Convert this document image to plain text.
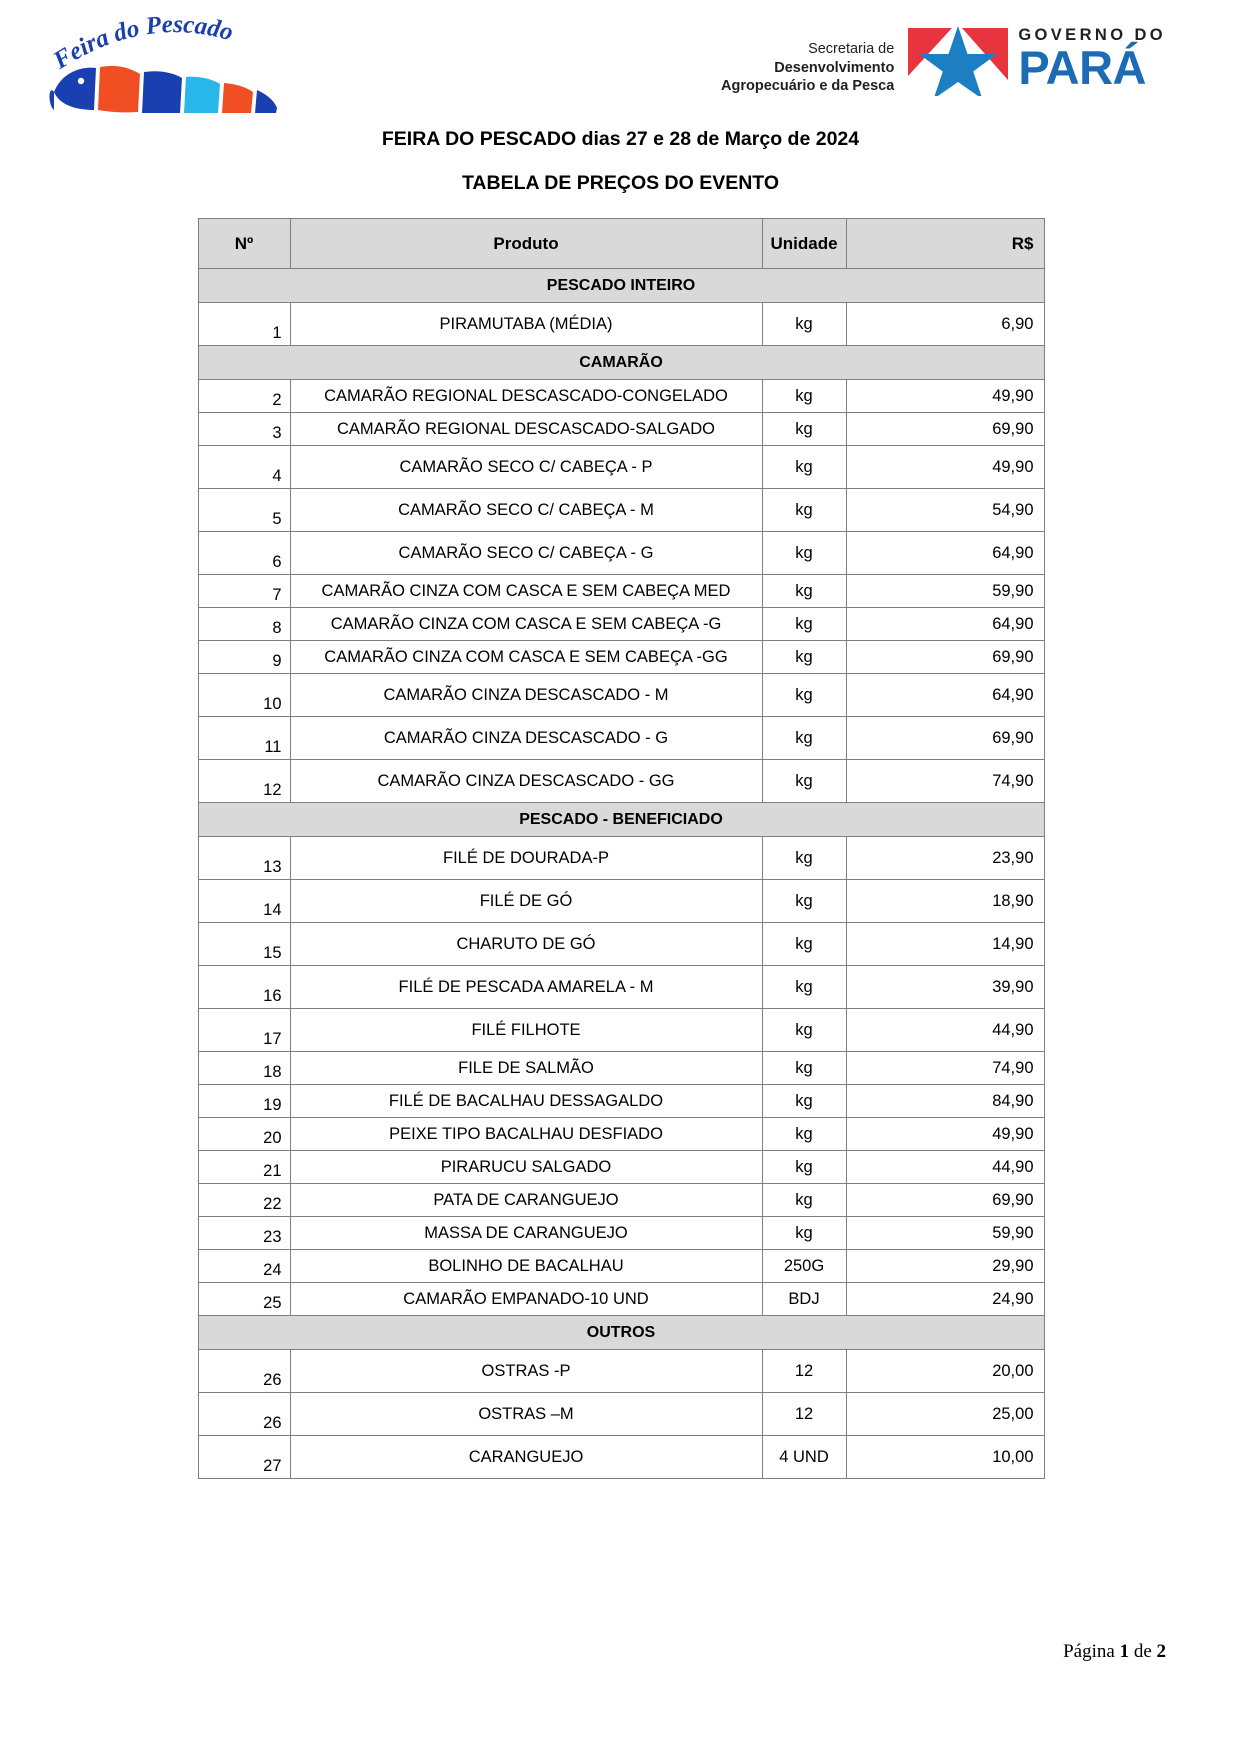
Feira do Pescado
Secretaria de
Desenvolvimento
Agropecuário e da Pesca
GOVERNO DO
PARÁ
FEIRA DO PESCADO dias 27 e 28 de Março de 2024
TABELA DE PREÇOS DO EVENTO
Nº	Produto	Unidade	R$
PESCADO INTEIRO			
1	PIRAMUTABA (MÉDIA)	kg	6,90
CAMARÃO			
2	CAMARÃO REGIONAL DESCASCADO-CONGELADO	kg	49,90
3	CAMARÃO REGIONAL DESCASCADO-SALGADO	kg	69,90
4	CAMARÃO SECO C/ CABEÇA - P	kg	49,90
5	CAMARÃO SECO C/ CABEÇA - M	kg	54,90
6	CAMARÃO SECO C/ CABEÇA - G	kg	64,90
7	CAMARÃO CINZA COM CASCA E SEM CABEÇA MED	kg	59,90
8	CAMARÃO CINZA COM CASCA E SEM CABEÇA -G	kg	64,90
9	CAMARÃO CINZA COM CASCA E SEM CABEÇA -GG	kg	69,90
10	CAMARÃO CINZA DESCASCADO - M	kg	64,90
11	CAMARÃO CINZA DESCASCADO - G	kg	69,90
12	CAMARÃO CINZA DESCASCADO - GG	kg	74,90
PESCADO - BENEFICIADO			
13	FILÉ DE DOURADA-P	kg	23,90
14	FILÉ DE GÓ	kg	18,90
15	CHARUTO DE GÓ	kg	14,90
16	FILÉ DE PESCADA AMARELA - M	kg	39,90
17	FILÉ FILHOTE	kg	44,90
18	FILE DE SALMÃO	kg	74,90
19	FILÉ DE BACALHAU DESSAGALDO	kg	84,90
20	PEIXE TIPO BACALHAU DESFIADO	kg	49,90
21	PIRARUCU SALGADO	kg	44,90
22	PATA DE CARANGUEJO	kg	69,90
23	MASSA DE CARANGUEJO	kg	59,90
24	BOLINHO DE BACALHAU	250G	29,90
25	CAMARÃO EMPANADO-10 UND	BDJ	24,90
OUTROS			
26	OSTRAS -P	12	20,00
26	OSTRAS –M	12	25,00
27	CARANGUEJO	4 UND	10,00
Página 1 de 2
